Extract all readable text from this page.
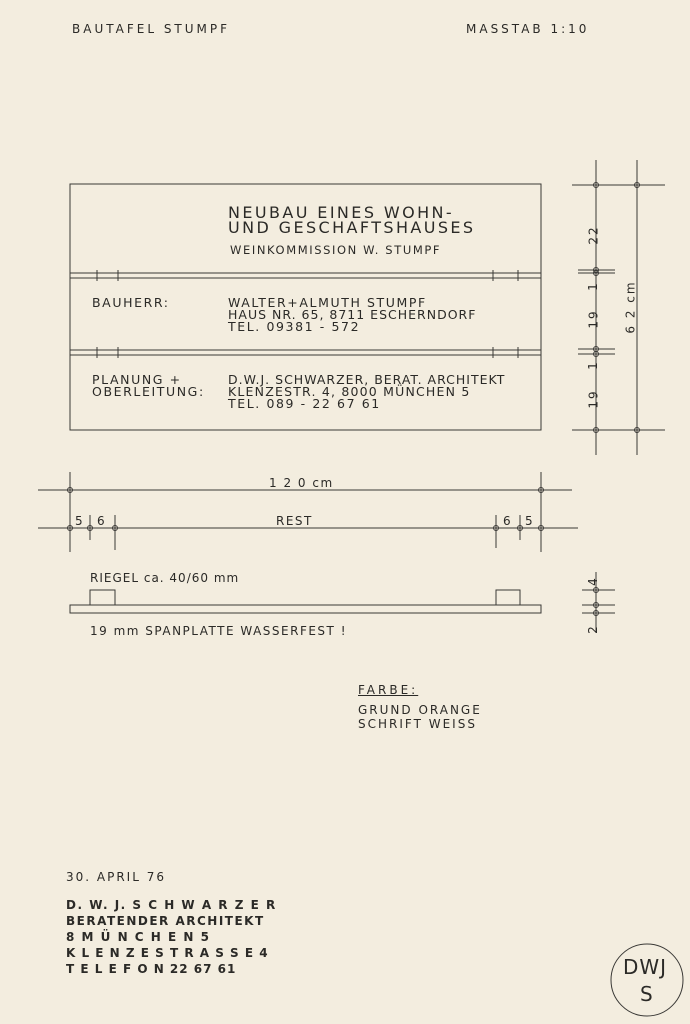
BAUTAFEL STUMPF	MASSTAB 1:10
NEUBAU EINES WOHN-
UND GESCHAFTSHAUSES
WEINKOMMISSION W. STUMPF
BAUHERR:	WALTER+ALMUTH STUMPF
HAUS NR. 65, 8711 ESCHERNDORF
TEL. 09381 - 572
PLANUNG +
OBERLEITUNG:
D.W.J. SCHWARZER, BERAT. ARCHITEKT
KLENZESTR. 4, 8000 MÜNCHEN 5
TEL. 089 - 22 67 61
1 2 0 cm
5 6	REST	6 5
22
1
19
1
19
6 2 cm
4
2
RIEGEL ca. 40/60 mm
19 mm SPANPLATTE WASSERFEST !
FARBE:
GRUND ORANGE
SCHRIFT WEISS
30. APRIL 76
D. W. J. S C H W A R Z E R
BERATENDER ARCHITEKT
8 M Ü N C H E N 5
K L E N Z E S T R A S S E 4
T E L E F O N 22 67 61	DWJ
S
